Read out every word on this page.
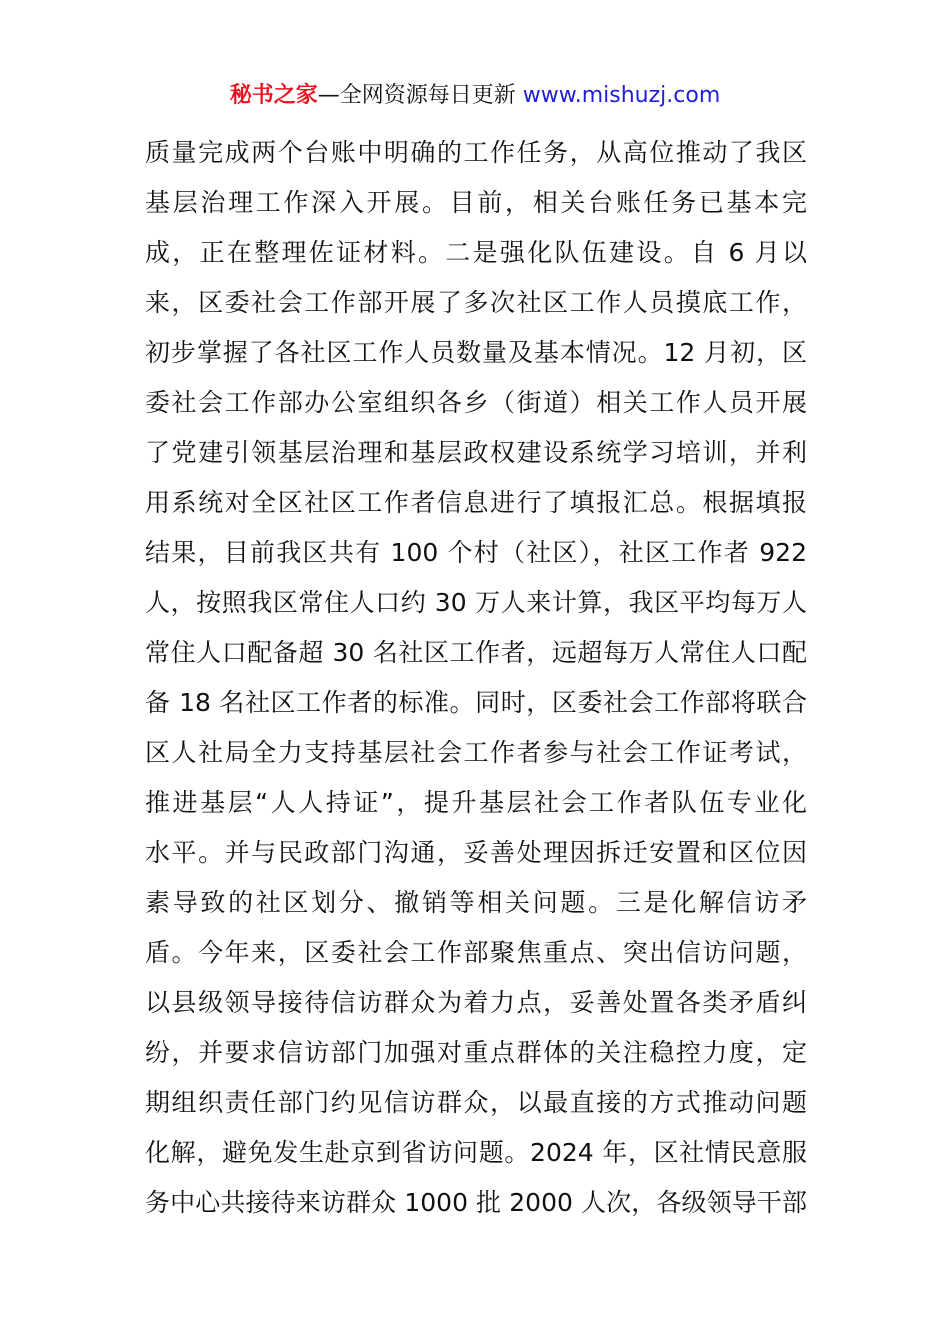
秘书之家—全网资源每日更新 www.mishuzj.com
质量完成两个台账中明确的工作任务，从高位推动了我区
基层治理工作深入开展。目前，相关台账任务已基本完
成，正在整理佐证材料。二是强化队伍建设。自 6 月以
来，区委社会工作部开展了多次社区工作人员摸底工作，
初步掌握了各社区工作人员数量及基本情况。12 月初，区
委社会工作部办公室组织各乡（街道）相关工作人员开展
了党建引领基层治理和基层政权建设系统学习培训，并利
用系统对全区社区工作者信息进行了填报汇总。根据填报
结果，目前我区共有 100 个村（社区），社区工作者 922
人，按照我区常住人口约 30 万人来计算，我区平均每万人
常住人口配备超 30 名社区工作者，远超每万人常住人口配
备 18 名社区工作者的标准。同时，区委社会工作部将联合
区人社局全力支持基层社会工作者参与社会工作证考试，
推进基层“人人持证”，提升基层社会工作者队伍专业化
水平。并与民政部门沟通，妥善处理因拆迁安置和区位因
素导致的社区划分、撤销等相关问题。三是化解信访矛
盾。今年来，区委社会工作部聚焦重点、突出信访问题，
以县级领导接待信访群众为着力点，妥善处置各类矛盾纠
纷，并要求信访部门加强对重点群体的关注稳控力度，定
期组织责任部门约见信访群众，以最直接的方式推动问题
化解，避免发生赴京到省访问题。2024 年，区社情民意服
务中心共接待来访群众 1000 批 2000 人次，各级领导干部
